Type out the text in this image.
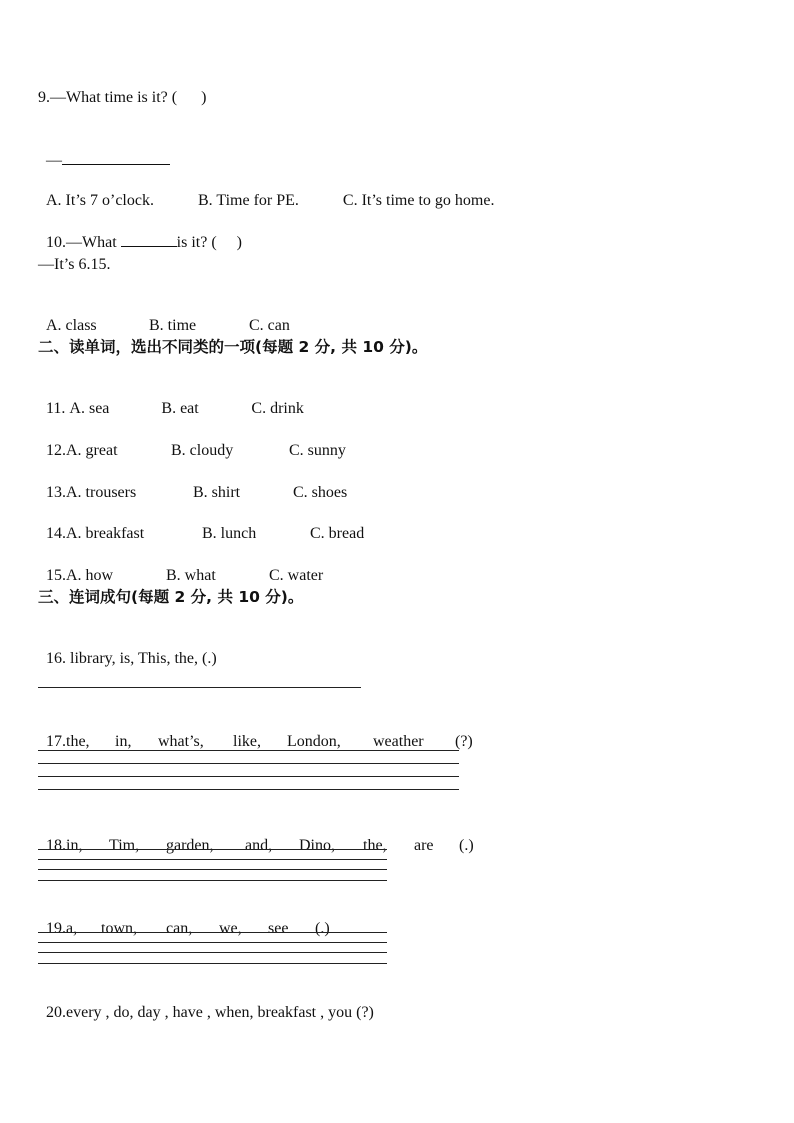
9.—What time is it? (      )

—

A. It’s 7 o’clock.	B. Time for PE.	C. It’s time to go home.

10.—What	is it? (     )

—It’s 6.15.

A. class	B. time	C. can

二、读单词，选出不同类的一项(每题 2 分, 共 10 分)。

11. A. sea	B. eat	C. drink

12.A. great	B. cloudy	C. sunny

13.A. trousers	B. shirt	C. shoes

14.A. breakfast	B. lunch	C. bread

15.A. how	B. what	C. water

三、连词成句(每题 2 分, 共 10 分)。

16. library, is, This, the, (.)

17.the, in, what’s, like, London, weather (?)

18.in, Tim, garden, and, Dino, the, are (.)

19.a, town, can, we, see (.)

20.every , do, day , have , when, breakfast , you (?)
